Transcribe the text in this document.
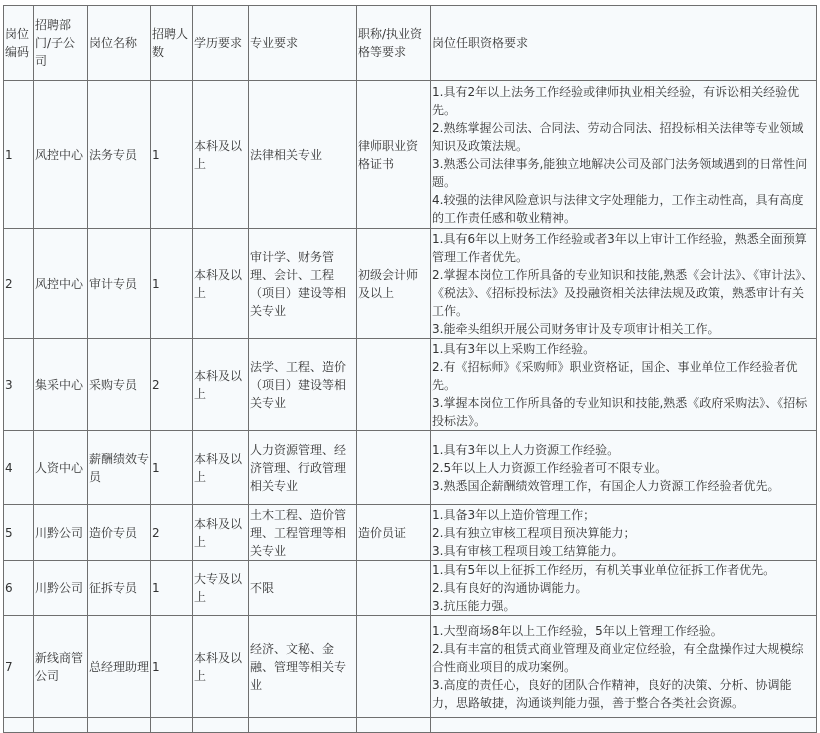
岗位编码	招聘部门/子公司	岗位名称	招聘人数	学历要求	专业要求	职称/执业资格等要求	岗位任职资格要求
1	风控中心	法务专员	1	本科及以上	法律相关专业	律师职业资格证书	1.具有2年以上法务工作经验或律师执业相关经验，有诉讼相关经验优先。
2.熟练掌握公司法、合同法、劳动合同法、招投标相关法律等专业领域知识及政策法规。
3.熟悉公司法律事务,能独立地解决公司及部门法务领域遇到的日常性问题。
4.较强的法律风险意识与法律文字处理能力，工作主动性高，具有高度的工作责任感和敬业精神。

2	风控中心	审计专员	1	本科及以上	审计学、财务管理、会计、工程（项目）建设等相关专业	初级会计师及以上	1.具有6年以上财务工作经验或者3年以上审计工作经验，熟悉全面预算管理工作者优先。
2.掌握本岗位工作所具备的专业知识和技能,熟悉《会计法》、《审计法》、《税法》、《招标投标法》及投融资相关法律法规及政策，熟悉审计有关工作。
3.能牵头组织开展公司财务审计及专项审计相关工作。

3	集采中心	采购专员	2	本科及以上	法学、工程、造价（项目）建设等相关专业		1.具有3年以上采购工作经验。
2.有《招标师》《采购师》职业资格证，国企、事业单位工作经验者优先。
3.掌握本岗位工作所具备的专业知识和技能,熟悉《政府采购法》、《招标投标法》。

4	人资中心	薪酬绩效专员	1	本科及以上	人力资源管理、经济管理、行政管理相关专业		1.具有3年以上人力资源工作经验。
2.5年以上人力资源工作经验者可不限专业。
3.熟悉国企薪酬绩效管理工作，有国企人力资源工作经验者优先。

5	川黔公司	造价专员	2	本科及以上	土木工程、造价管理、工程管理等相关专业	造价员证	1.具备3年以上造价管理工作；
2.具有独立审核工程项目预决算能力；
3.具有审核工程项目竣工结算能力。

6	川黔公司	征拆专员	1	大专及以上	不限		1.具有5年以上征拆工作经历，有机关事业单位征拆工作者优先。
2.具有良好的沟通协调能力。
3.抗压能力强。

7	新线商管公司	总经理助理	1	本科及以上	经济、文秘、金融、管理等相关专业		1.大型商场8年以上工作经验，5年以上管理工作经验。
2.具有丰富的租赁式商业管理及商业定位经验，有全盘操作过大规模综合性商业项目的成功案例。
3.高度的责任心，良好的团队合作精神，良好的决策、分析、协调能力，思路敏捷，沟通谈判能力强，善于整合各类社会资源。
